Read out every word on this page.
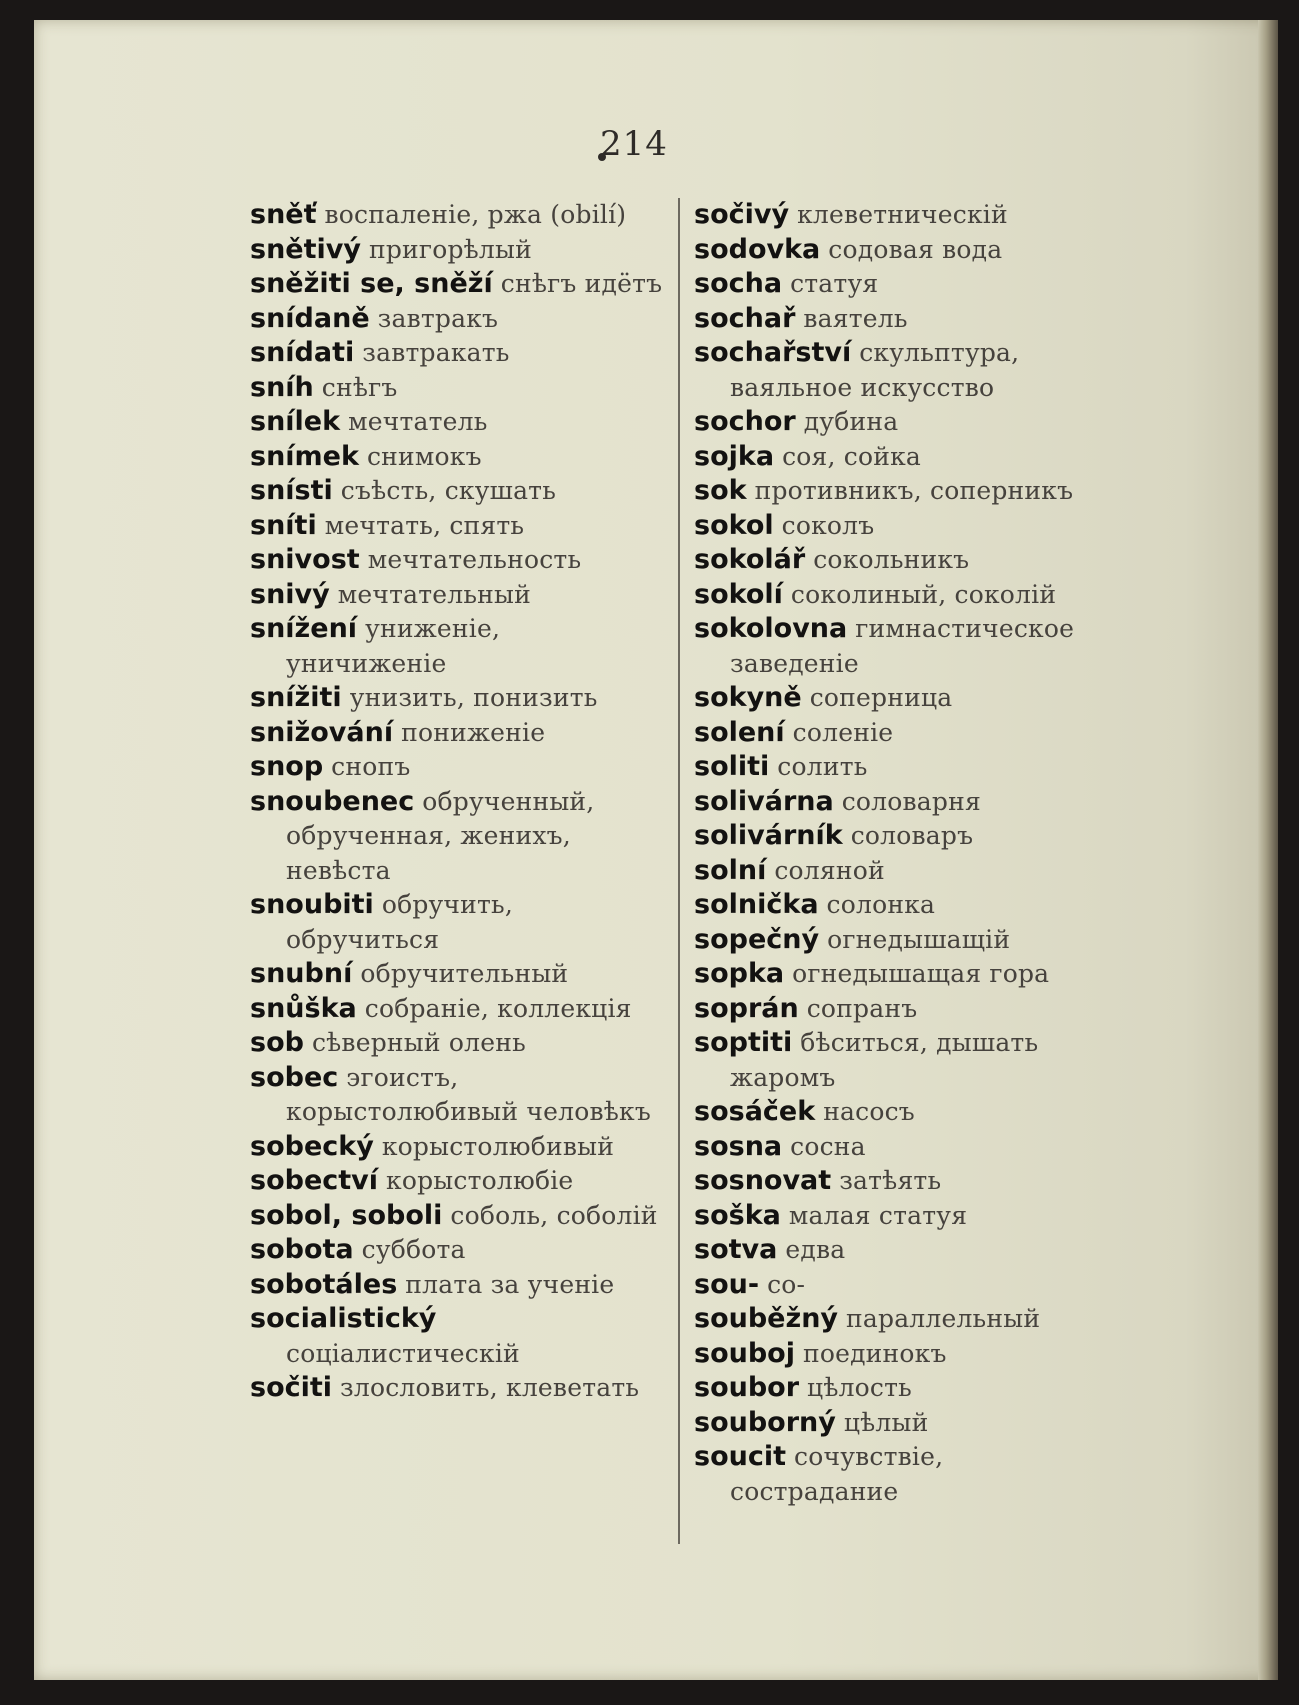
214
sněť воспаленіе, ржа (obilí)
snětivý пригорѣлый
sněžiti se, sněží снѣгъ идётъ
snídaně завтракъ
snídati завтракать
sníh снѣгъ
snílek мечтатель
snímek снимокъ
snísti съѣсть, скушать
sníti мечтать, спять
snivost мечтательность
snivý мечтательный
snížení униженіе, уничиженіе
snížiti унизить, понизить
snižování пониженіе
snop снопъ
snoubenec обрученный, обрученная, женихъ, невѣста
snoubiti обручить, обручиться
snubní обручительный
snůška собраніе, коллекція
sob сѣверный олень
sobec эгоистъ, корыстолюбивый человѣкъ
sobecký корыстолюбивый
sobectví корыстолюбіе
sobol, soboli соболь, соболій
sobota суббота
sobotáles плата за ученіе
socialistickýсоціалистическій
sočiti злословить, клеветать
sočivý клеветническій
sodovka содовая вода
socha статуя
sochař ваятель
sochařství скульптура, ваяльное искусство
sochor дубина
sojka соя, сойка
sok противникъ, соперникъ
sokol соколъ
sokolář сокольникъ
sokolí соколиный, соколій
sokolovna гимнастическое заведеніе
sokyně соперница
solení соленіе
soliti солить
solivárna соловарня
solivárník соловаръ
solní соляной
solnička солонка
sopečný огнедышащій
sopka огнедышащая гора
soprán сопранъ
soptiti бѣситься, дышать жаромъ
sosáček насосъ
sosna сосна
sosnovat затѣять
soška малая статуя
sotva едва
sou- со-
souběžný параллельный
souboj поединокъ
soubor цѣлость
souborný цѣлый
soucit сочувствіе, сострадание
